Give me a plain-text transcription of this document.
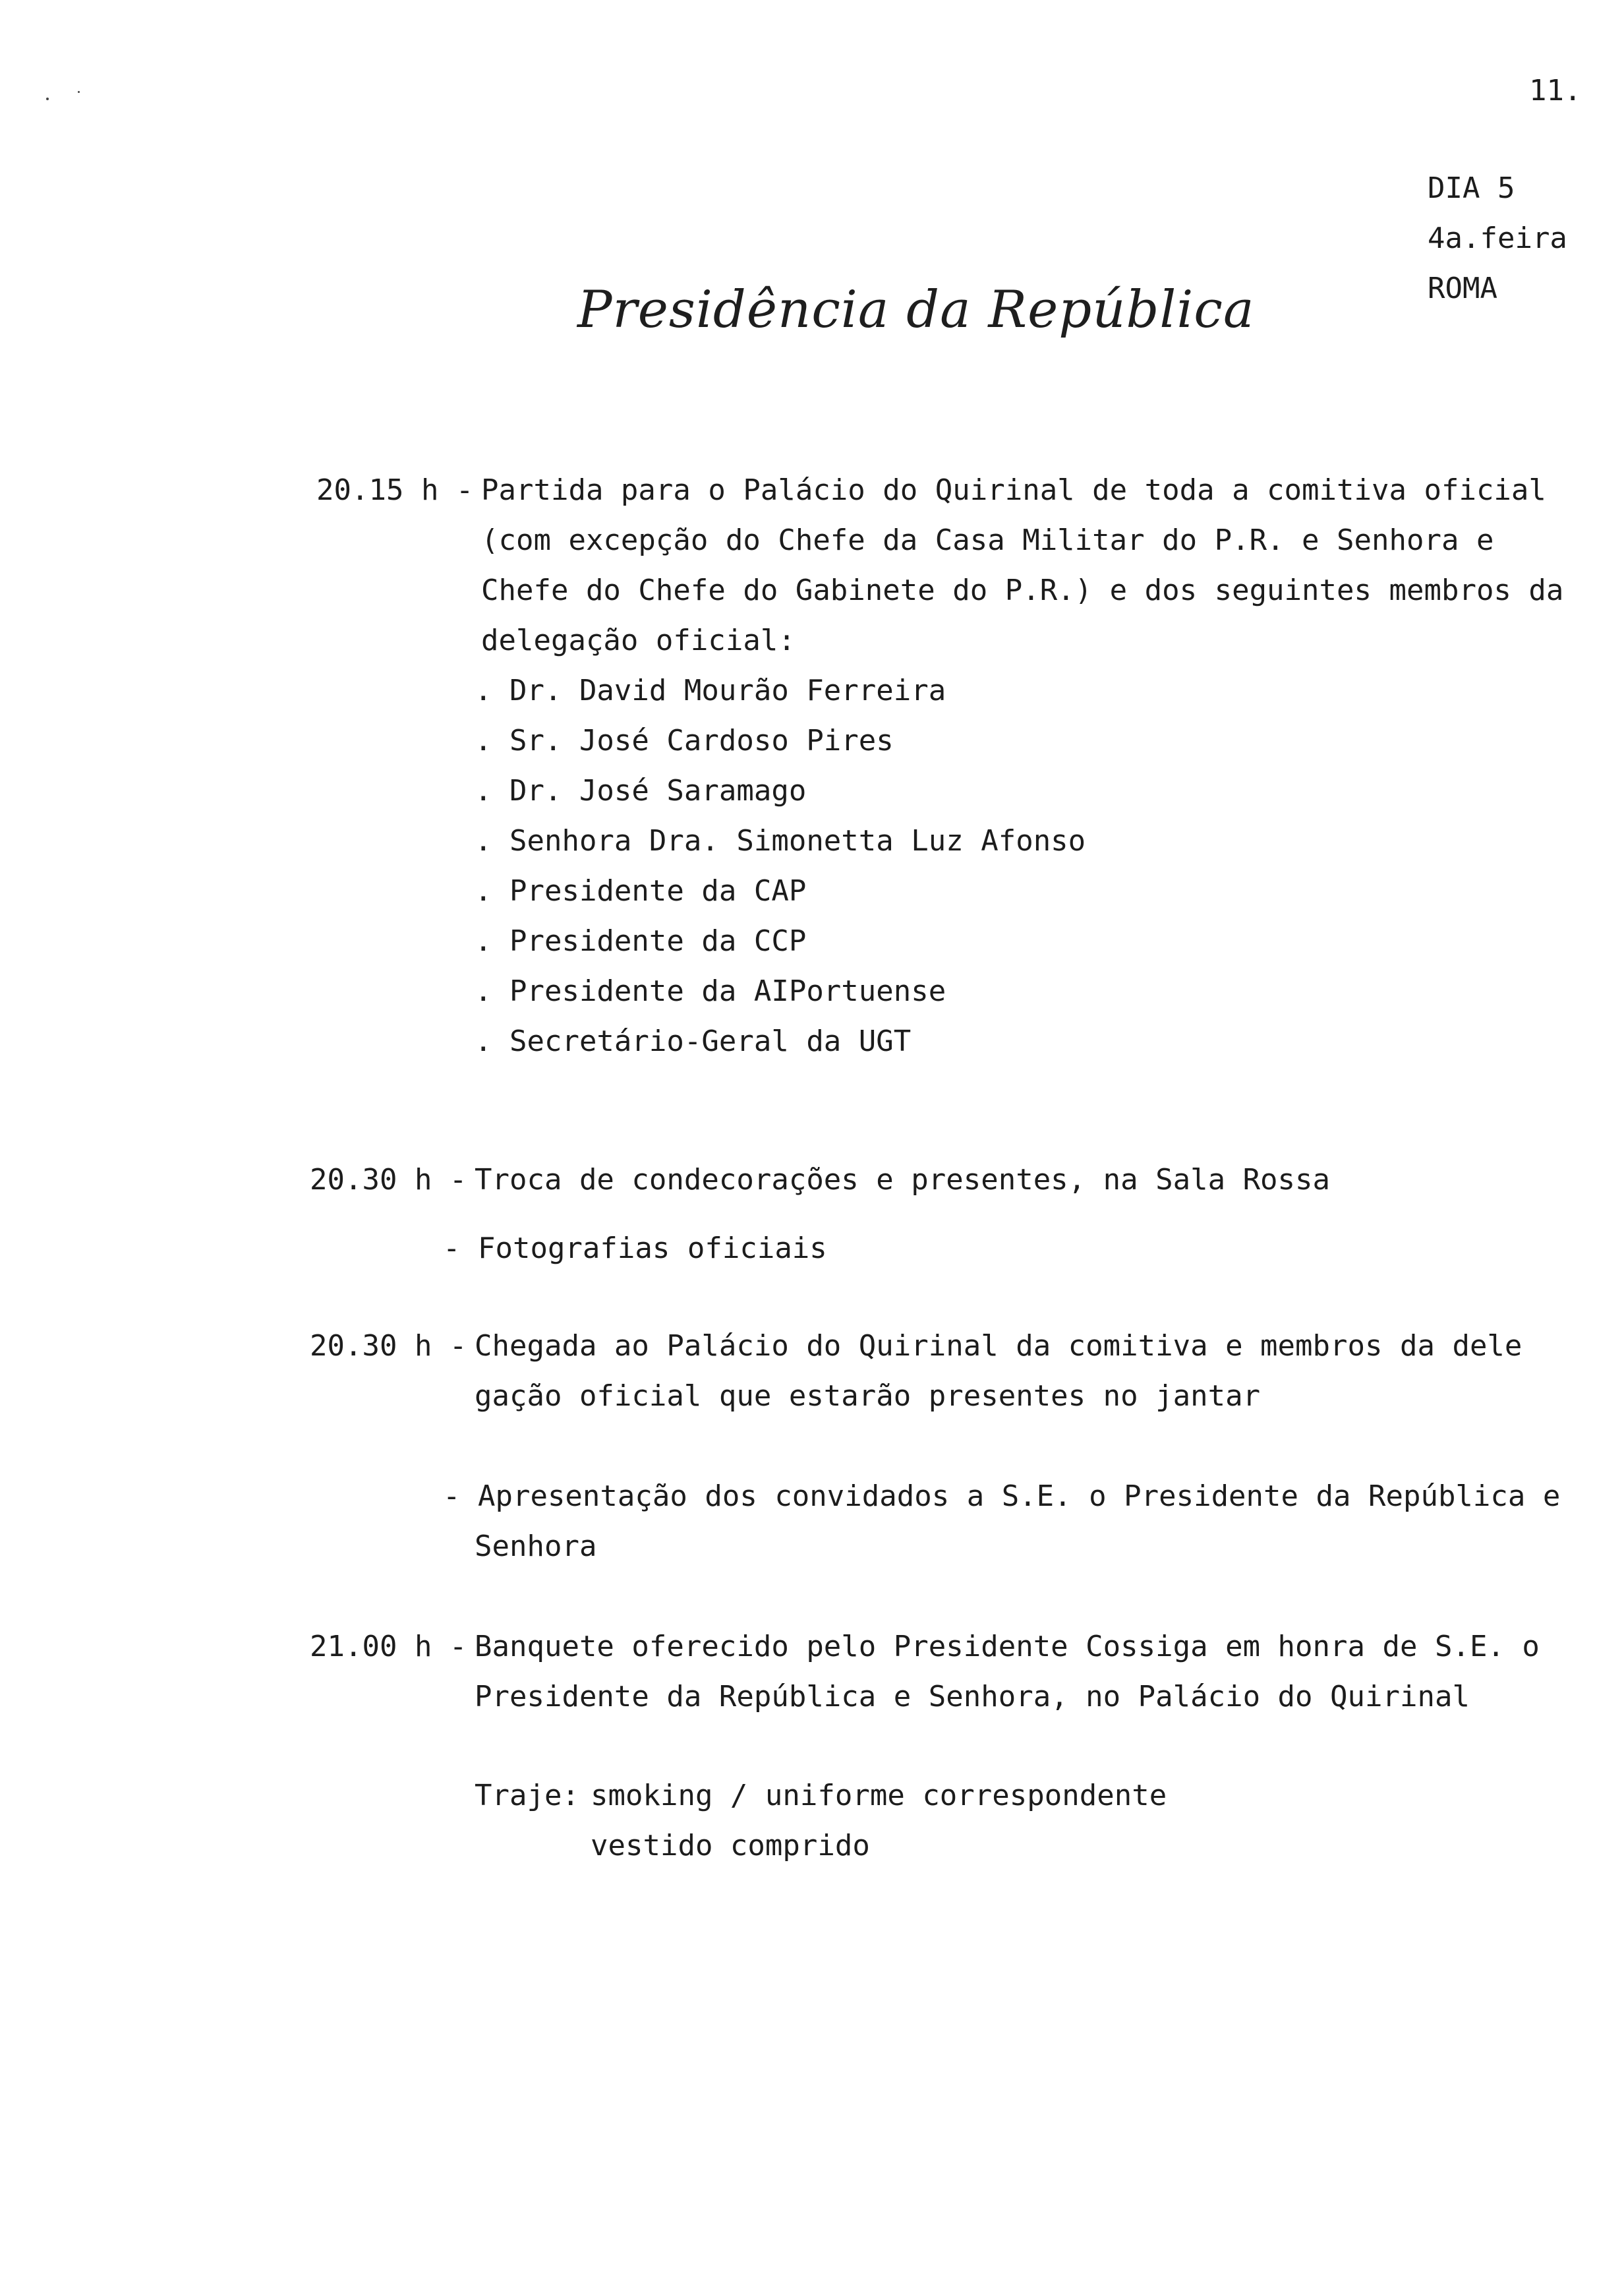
11.
DIA 5
4a.feira
ROMA
Presidência da República
20.15 h - Partida para o Palácio do Quirinal de toda a comitiva oficial
(com excepção do Chefe da Casa Militar do P.R. e Senhora e
Chefe do Chefe do Gabinete do P.R.) e dos seguintes membros da
delegação oficial:
. Dr. David Mourão Ferreira
. Sr. José Cardoso Pires
. Dr. José Saramago
. Senhora Dra. Simonetta Luz Afonso
. Presidente da CAP
. Presidente da CCP
. Presidente da AIPortuense
. Secretário-Geral da UGT
20.30 h - Troca de condecorações e presentes, na Sala Rossa
- Fotografias oficiais
20.30 h - Chegada ao Palácio do Quirinal da comitiva e membros da dele
gação oficial que estarão presentes no jantar
- Apresentação dos convidados a S.E. o Presidente da República e
Senhora
21.00 h - Banquete oferecido pelo Presidente Cossiga em honra de S.E. o
Presidente da República e Senhora, no Palácio do Quirinal
Traje: smoking / uniforme correspondente
vestido comprido
